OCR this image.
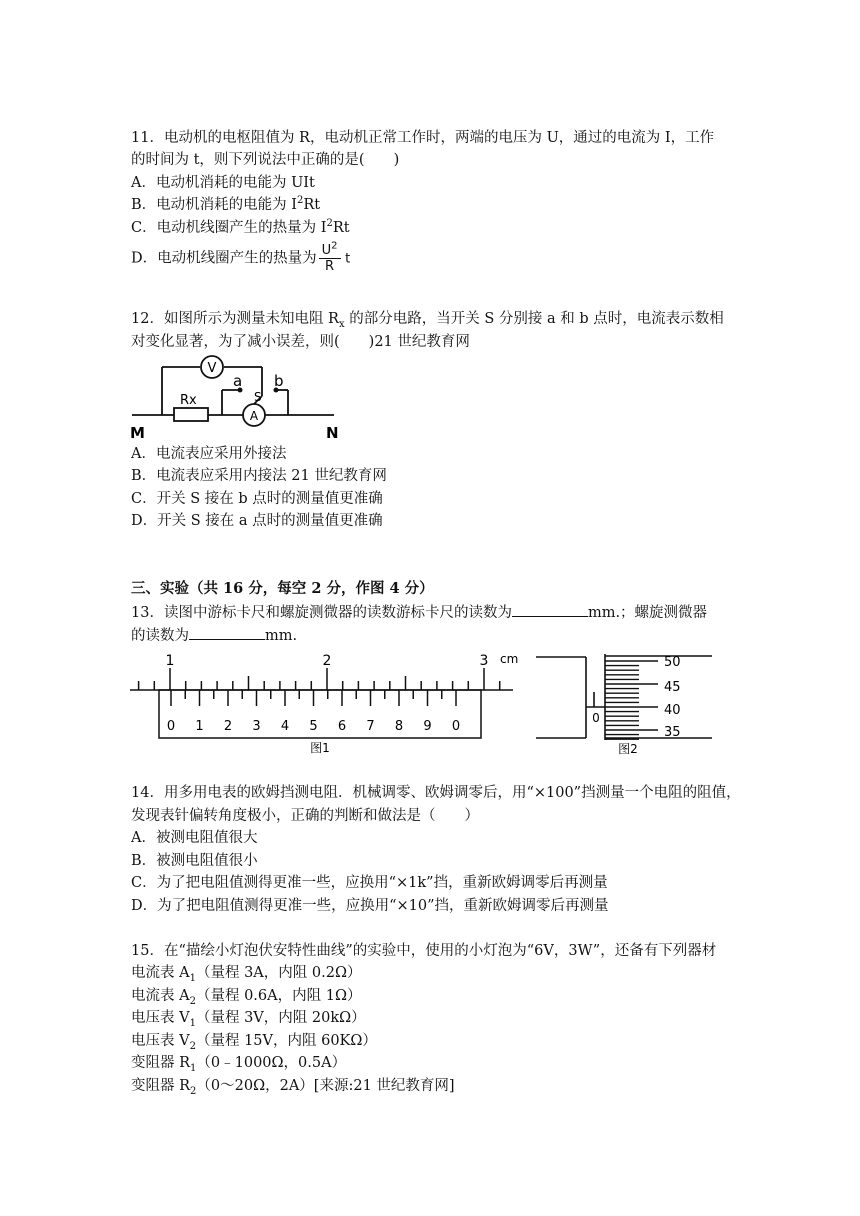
11．电动机的电枢阻值为 R，电动机正常工作时，两端的电压为 U，通过的电流为 I，工作
的时间为 t，则下列说法中正确的是(　　)
A．电动机消耗的电能为 UIt
B．电动机消耗的电能为 $I^2Rt$
C．电动机线圈产生的热量为 $I^2Rt$
D．电动机线圈产生的热量为 $\frac{U^2}{R}$ t
12．如图所示为测量未知电阻 $R_x$ 的部分电路，当开关 S 分别接 a 和 b 点时，电流表示数相
对变化显著，为了减小误差，则(　　)21 世纪教育网
V
A
Rx	S
a b
M	N
A．电流表应采用外接法
B．电流表应采用内接法 21 世纪教育网
C．开关 S 接在 b 点时的测量值更准确
D．开关 S 接在 a 点时的测量值更准确
三、实验（共 16 分，每空 2 分，作图 4 分）
13．读图中游标卡尺和螺旋测微器的读数游标卡尺的读数为	mm.；螺旋测微器
的读数为	mm.
0 1 2 3 4 5 6 7 8 9 0
1	2	3 cm
图1
0
50
45
40
35
图2
14．用多用电表的欧姆挡测电阻．机械调零、欧姆调零后，用“×100”挡测量一个电阻的阻值，
发现表针偏转角度极小，正确的判断和做法是（　　）
A．被测电阻值很大
B．被测电阻值很小
C．为了把电阻值测得更准一些，应换用“×1k”挡，重新欧姆调零后再测量
D．为了把电阻值测得更准一些，应换用“×10”挡，重新欧姆调零后再测量
15．在“描绘小灯泡伏安特性曲线”的实验中，使用的小灯泡为“6V，3W”，还备有下列器材
电流表 $A_1$（量程 3A，内阻 0.2Ω）
电流表 $A_2$（量程 0.6A，内阻 1Ω）
电压表 $V_1$（量程 3V，内阻 20kΩ）
电压表 $V_2$（量程 15V，内阻 60KΩ）
变阻器 $R_1(0﹣1000\Omega$，0.5A）
变阻器 $R_2(0\sim 20\Omega$，2A）[来源:21 世纪教育网]
